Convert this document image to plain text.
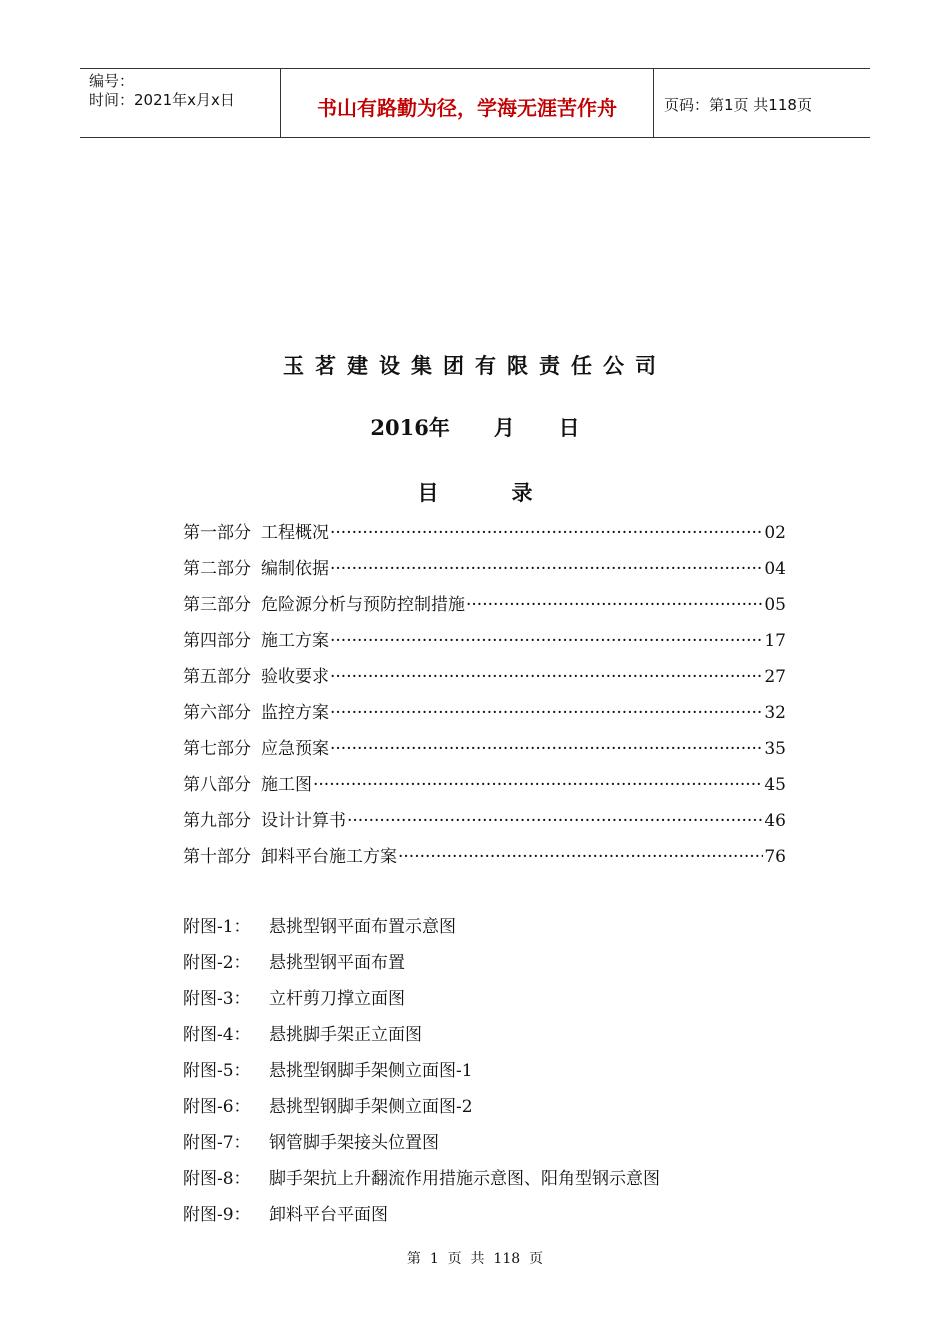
编号：
时间：2021年x月x日	书山有路勤为径，学海无涯苦作舟	页码：第1页 共118页
玉茗建设集团有限责任公司
2016年      月      日
目          录
第一部分 工程概况 ·····	02
第二部分 编制依据 ·····	04
第三部分 危险源分析与预防控制措施 ·····	05
第四部分 施工方案 ·····	17
第五部分 验收要求 ·····	27
第六部分 监控方案 ·····	32
第七部分 应急预案 ·····	35
第八部分 施工图 ·····	45
第九部分 设计计算书 ·····	46
第十部分 卸料平台施工方案 ·····	76
附图-1：	悬挑型钢平面布置示意图
附图-2：	悬挑型钢平面布置
附图-3：	立杆剪刀撑立面图
附图-4：	悬挑脚手架正立面图
附图-5：	悬挑型钢脚手架侧立面图-1
附图-6：	悬挑型钢脚手架侧立面图-2
附图-7：	钢管脚手架接头位置图
附图-8：	脚手架抗上升翻流作用措施示意图、阳角型钢示意图
附图-9：	卸料平台平面图
第  1  页  共  118  页
